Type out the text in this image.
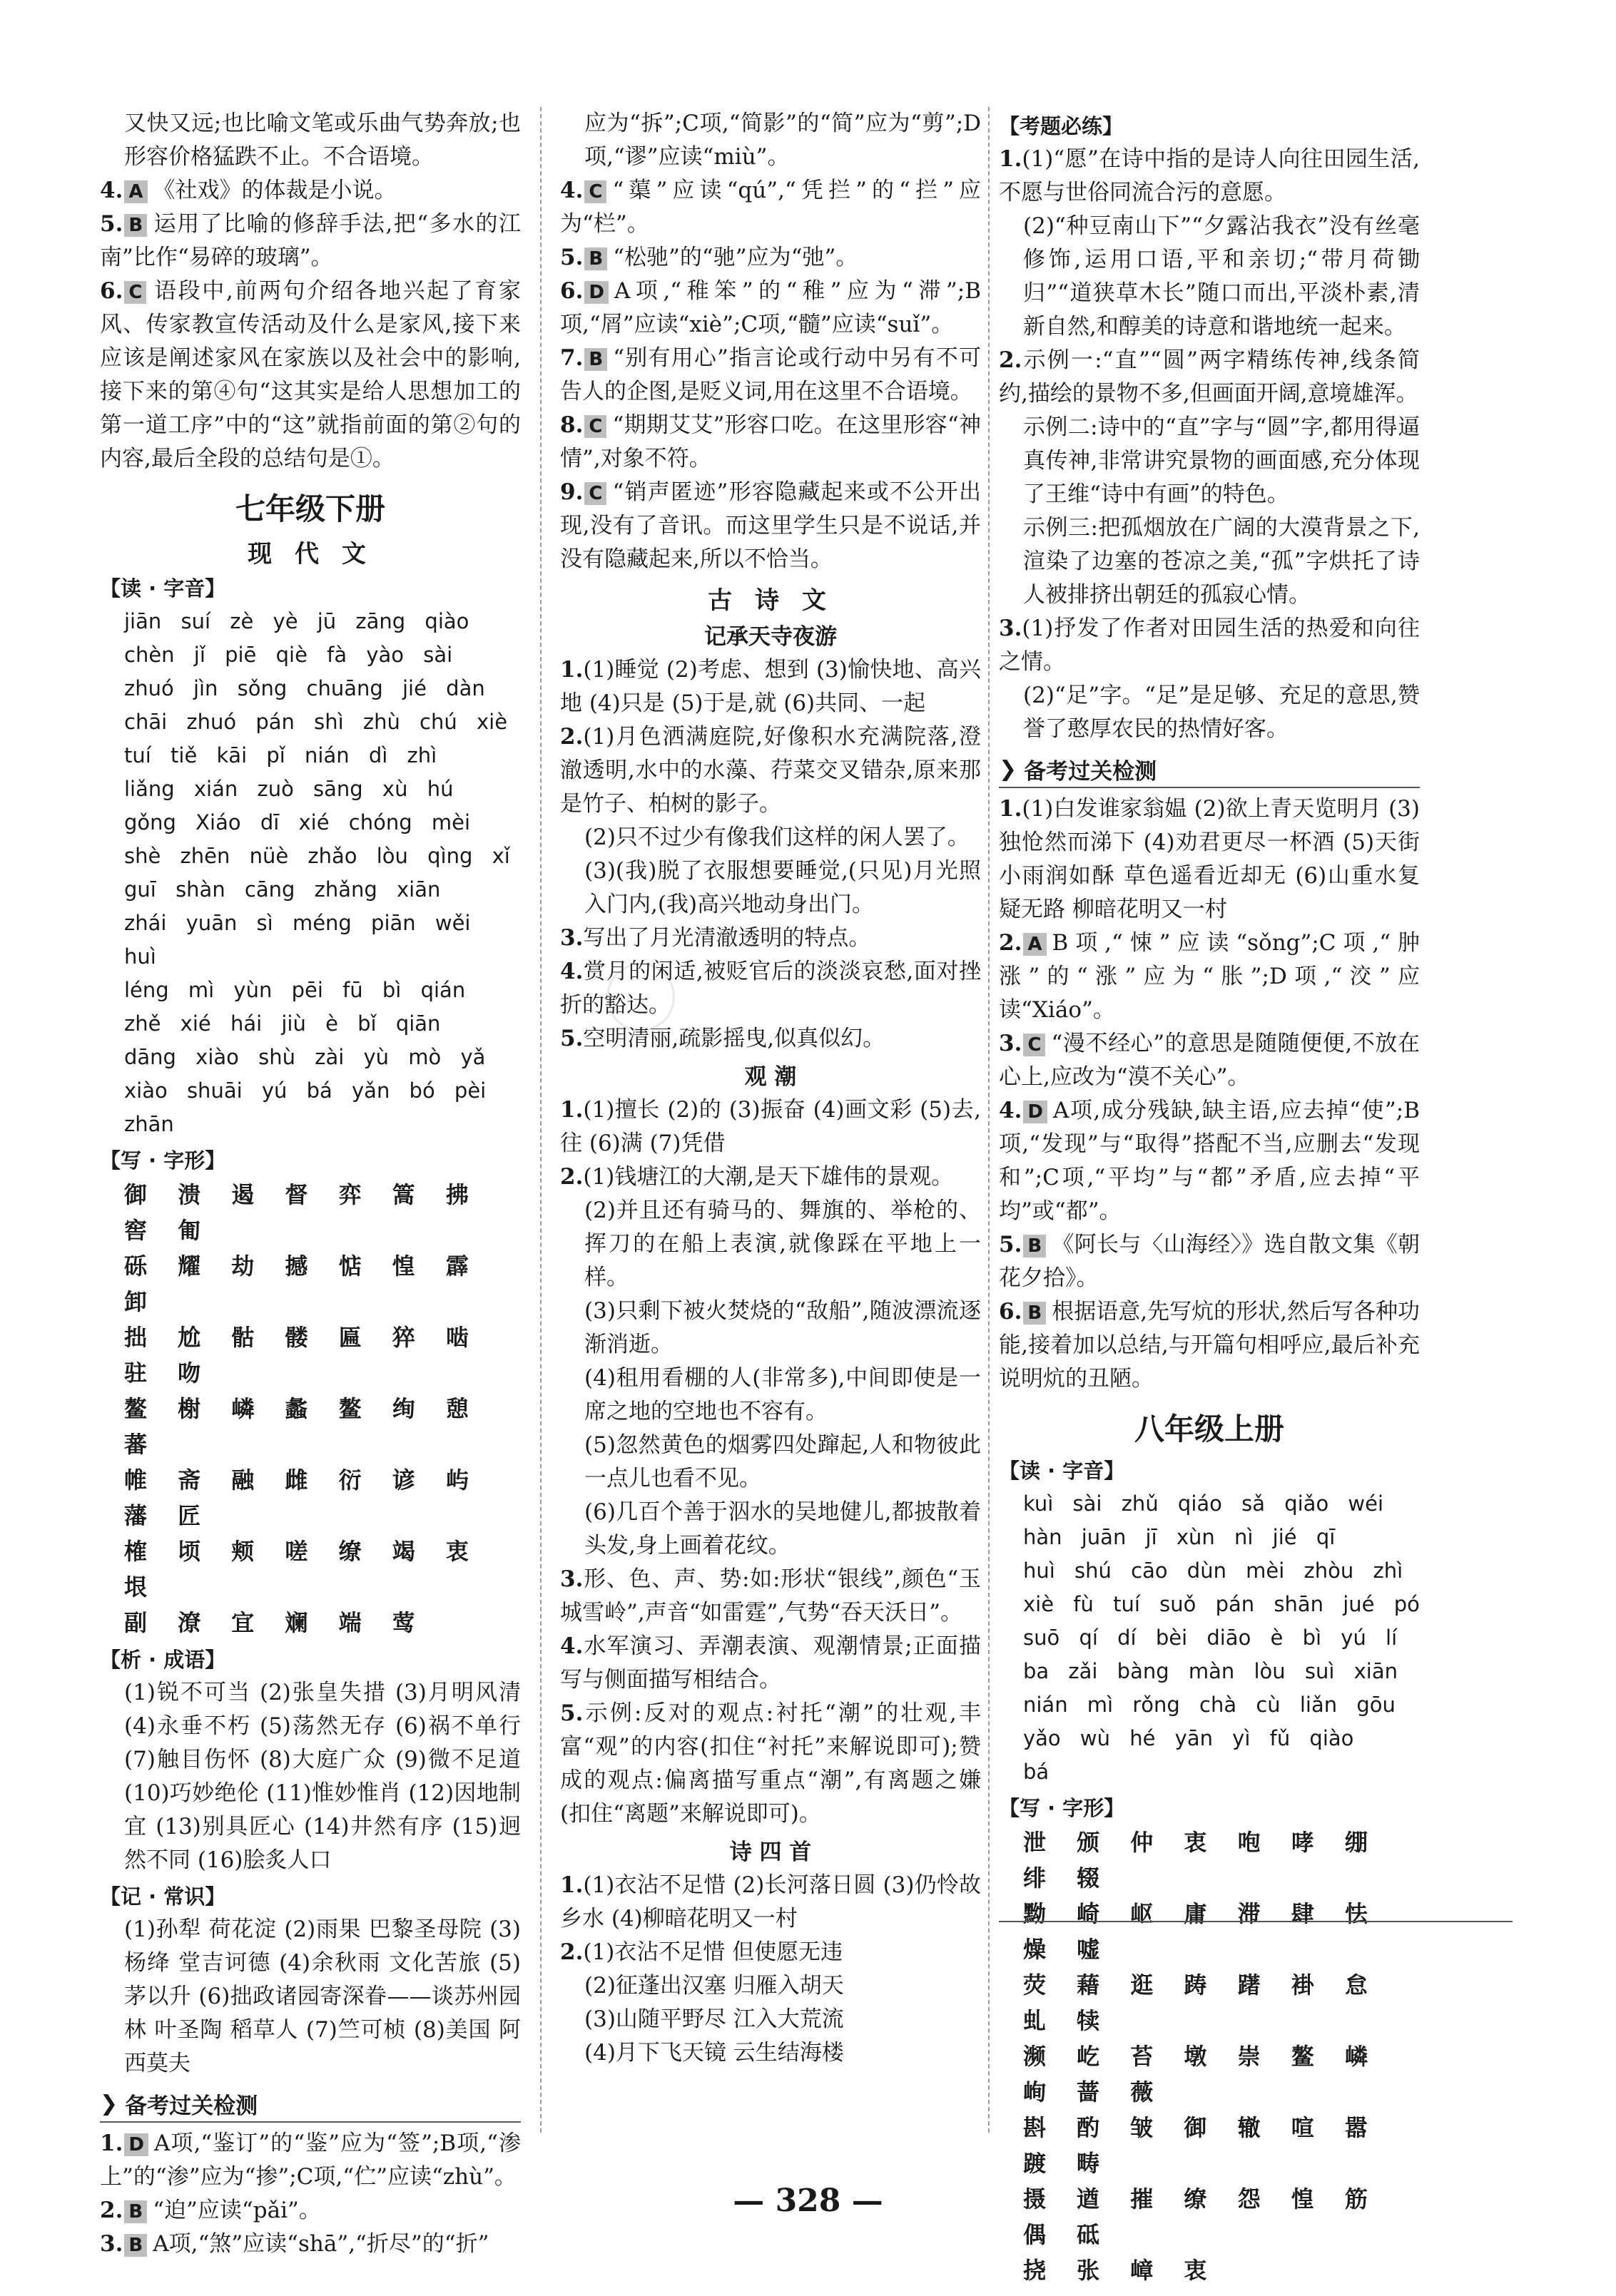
又快又远;也比喻文笔或乐曲气势奔放;也形容价格猛跌不止。不合语境。

4. A 《社戏》的体裁是小说。

5. B 运用了比喻的修辞手法,把“多水的江南”比作“易碎的玻璃”。

6. C 语段中,前两句介绍各地兴起了育家风、传家教宣传活动及什么是家风,接下来应该是阐述家风在家族以及社会中的影响,接下来的第④句“这其实是给人思想加工的第一道工序”中的“这”就指前面的第②句的内容,最后全段的总结句是①。

七年级下册
现 代 文
【读 · 字音】

jiān suí zè yè jū zāng qiào

chèn jǐ piē qiè fà yào sài

zhuó jìn sǒng chuāng jié dàn

chāi zhuó pán shì zhù chú xiè

tuí tiě kāi pǐ nián dì zhì

liǎng xián zuò sāng xù hú

gǒng Xiáo dī xié chóng mèi

shè zhēn nüè zhǎo lòu qìng xǐ

guī shàn cāng zhǎng xiān

zhái yuān sì méng piān wěi huì

léng mì yùn pēi fū bì qián

zhě xié hái jiù è bǐ qiān

dāng xiào shù zài yù mò yǎ

xiào shuāi yú bá yǎn bó pèi

zhān

【写 · 字形】

御 溃 遏 督 弈 篙 拂 窖 匍

砾 耀 劫 撼 惦 惶 霹 卸

拙 尬 骷 髅 匾 猝 啮 驻 吻

鳌 榭 嶙 蠡 鳌 绚 憩 蕃

帷 斋 融 雌 衍 谚 屿 藩 匠

榷 顷 颊 嗟 缭 竭 衷 垠

副 潦 宜 斓 端 莺

【析 · 成语】

(1)锐不可当 (2)张皇失措 (3)月明风清 (4)永垂不朽 (5)荡然无存 (6)祸不单行 (7)触目伤怀 (8)大庭广众 (9)微不足道 (10)巧妙绝伦 (11)惟妙惟肖 (12)因地制宜 (13)别具匠心 (14)井然有序 (15)迥然不同 (16)脍炙人口

【记 · 常识】

(1)孙犁 荷花淀 (2)雨果 巴黎圣母院 (3)杨绛 堂吉诃德 (4)余秋雨 文化苦旅 (5)茅以升 (6)拙政诸园寄深眷——谈苏州园林 叶圣陶 稻草人 (7)竺可桢 (8)美国 阿西莫夫

❯ 备考过关检测

1. D A项,“鉴订”的“鉴”应为“签”;B项,“渗上”的“渗”应为“掺”;C项,“伫”应读“zhù”。

2. B “迫”应读“pǎi”。

3. B A项,“煞”应读“shā”,“折尽”的“折”

应为“拆”;C项,“简影”的“简”应为“剪”;D项,“谬”应读“miù”。

4. C “蕖”应读“qú”,“凭拦”的“拦”应为“栏”。

5. B “松驰”的“驰”应为“弛”。

6. D A项,“稚笨”的“稚”应为“滞”;B项,“屑”应读“xiè”;C项,“髓”应读“suǐ”。

7. B “别有用心”指言论或行动中另有不可告人的企图,是贬义词,用在这里不合语境。

8. C “期期艾艾”形容口吃。在这里形容“神情”,对象不符。

9. C “销声匿迹”形容隐藏起来或不公开出现,没有了音讯。而这里学生只是不说话,并没有隐藏起来,所以不恰当。

古 诗 文
记承天寺夜游

1.(1)睡觉 (2)考虑、想到 (3)愉快地、高兴地 (4)只是 (5)于是,就 (6)共同、一起

2.(1)月色洒满庭院,好像积水充满院落,澄澈透明,水中的水藻、荇菜交叉错杂,原来那是竹子、柏树的影子。

(2)只不过少有像我们这样的闲人罢了。

(3)(我)脱了衣服想要睡觉,(只见)月光照入门内,(我)高兴地动身出门。

3.写出了月光清澈透明的特点。

4.赏月的闲适,被贬官后的淡淡哀愁,面对挫折的豁达。

5.空明清丽,疏影摇曳,似真似幻。

观 潮

1.(1)擅长 (2)的 (3)振奋 (4)画文彩 (5)去,往 (6)满 (7)凭借

2.(1)钱塘江的大潮,是天下雄伟的景观。

(2)并且还有骑马的、舞旗的、举枪的、挥刀的在船上表演,就像踩在平地上一样。

(3)只剩下被火焚烧的“敌船”,随波漂流逐渐消逝。

(4)租用看棚的人(非常多),中间即使是一席之地的空地也不容有。

(5)忽然黄色的烟雾四处蹿起,人和物彼此一点儿也看不见。

(6)几百个善于泅水的吴地健儿,都披散着头发,身上画着花纹。

3.形、色、声、势:如:形状“银线”,颜色“玉城雪岭”,声音“如雷霆”,气势“吞天沃日”。

4.水军演习、弄潮表演、观潮情景;正面描写与侧面描写相结合。

5.示例:反对的观点:衬托“潮”的壮观,丰富“观”的内容(扣住“衬托”来解说即可);赞成的观点:偏离描写重点“潮”,有离题之嫌(扣住“离题”来解说即可)。

诗 四 首

1.(1)衣沾不足惜 (2)长河落日圆 (3)仍怜故乡水 (4)柳暗花明又一村

2.(1)衣沾不足惜 但使愿无违

(2)征蓬出汉塞 归雁入胡天

(3)山随平野尽 江入大荒流

(4)月下飞天镜 云生结海楼

【考题必练】

1.(1)“愿”在诗中指的是诗人向往田园生活,不愿与世俗同流合污的意愿。

(2)“种豆南山下”“夕露沾我衣”没有丝毫修饰,运用口语,平和亲切;“带月荷锄归”“道狭草木长”随口而出,平淡朴素,清新自然,和醇美的诗意和谐地统一起来。

2.示例一:“直”“圆”两字精练传神,线条简约,描绘的景物不多,但画面开阔,意境雄浑。

示例二:诗中的“直”字与“圆”字,都用得逼真传神,非常讲究景物的画面感,充分体现了王维“诗中有画”的特色。

示例三:把孤烟放在广阔的大漠背景之下,渲染了边塞的苍凉之美,“孤”字烘托了诗人被排挤出朝廷的孤寂心情。

3.(1)抒发了作者对田园生活的热爱和向往之情。

(2)“足”字。“足”是足够、充足的意思,赞誉了憨厚农民的热情好客。

❯ 备考过关检测

1.(1)白发谁家翁媪 (2)欲上青天览明月 (3)独怆然而涕下 (4)劝君更尽一杯酒 (5)天街小雨润如酥 草色遥看近却无 (6)山重水复疑无路 柳暗花明又一村

2. A B项,“悚”应读“sǒng”;C项,“肿涨”的“涨”应为“胀”;D项,“洨”应读“Xiáo”。

3. C “漫不经心”的意思是随随便便,不放在心上,应改为“漠不关心”。

4. D A项,成分残缺,缺主语,应去掉“使”;B项,“发现”与“取得”搭配不当,应删去“发现和”;C项,“平均”与“都”矛盾,应去掉“平均”或“都”。

5. B 《阿长与〈山海经〉》选自散文集《朝花夕拾》。

6. B 根据语意,先写炕的形状,然后写各种功能,接着加以总结,与开篇句相呼应,最后补充说明炕的丑陋。

八年级上册
【读 · 字音】

kuì sài zhǔ qiáo sǎ qiǎo wéi

hàn juān jī xùn nì jié qī

huì shú cāo dùn mèi zhòu zhì

xiè fù tuí suǒ pán shān jué pó

suō qí dí bèi diāo è bì yú lí

ba zǎi bàng màn lòu suì xiān

nián mì rǒng chà cù liǎn gōu

yǎo wù hé yān yì fǔ qiào

bá

【写 · 字形】

泄 颁 仲 衷 咆 哮 绷 绯 辍

黝 崎 岖 庸 滞 肆 怯 燥 嘘

荧 藉 逛 踌 躇 褂 怠 虬 犊

濒 屹 苔 墩 崇 鳌 嶙 峋 蔷 薇

斟 酌 皱 御 辙 喧 嚣 踱 畴

摄 遒 摧 缭 怨 惶 筋 偶 砥

挠 张 嶂 衷

— 328 —
